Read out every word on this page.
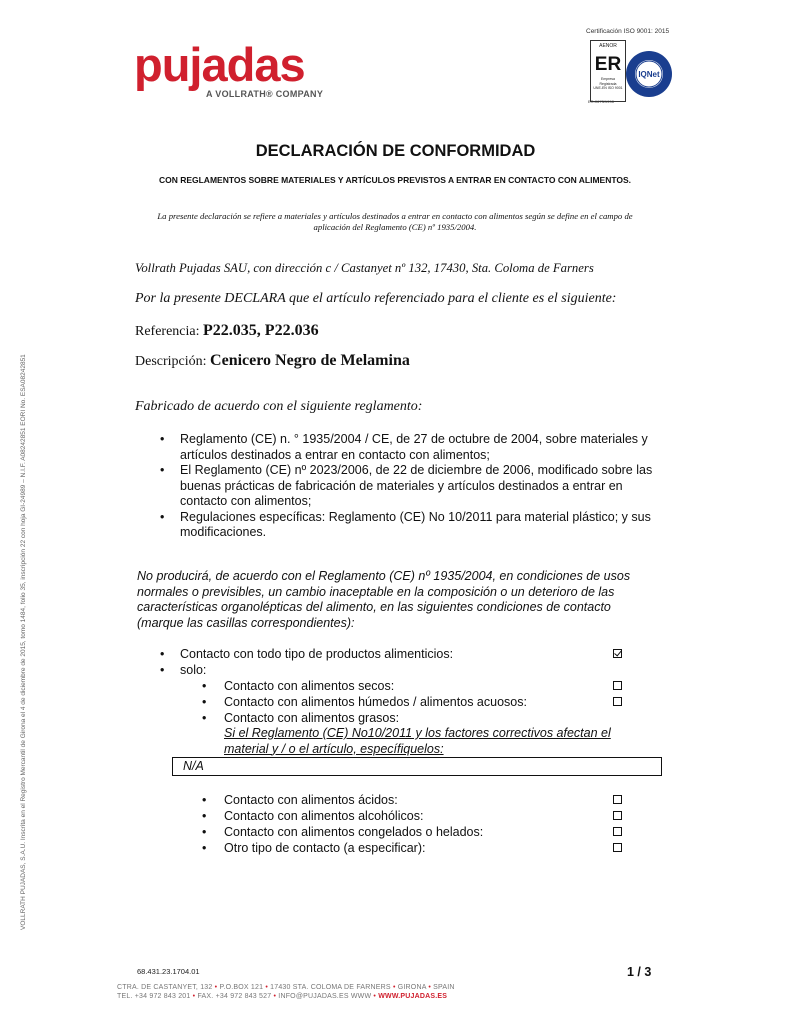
pujadas
A VOLLRATH® COMPANY
Certificación ISO 9001: 2015
AENOR
ER
Empresa
Registrada
UNE-EN ISO 9001
ER-0673/1998
IQNet
DECLARACIÓN DE CONFORMIDAD
CON REGLAMENTOS SOBRE MATERIALES Y ARTÍCULOS PREVISTOS A ENTRAR EN CONTACTO CON ALIMENTOS.
La presente declaración se refiere a materiales y artículos destinados a entrar en contacto con alimentos según se define en el campo de aplicación del Reglamento (CE) nº 1935/2004.
Vollrath Pujadas SAU, con dirección c / Castanyet nº 132, 17430, Sta. Coloma de Farners
Por la presente DECLARA que el artículo referenciado para el cliente es el siguiente:
Referencia: P22.035, P22.036
Descripción: Cenicero Negro de Melamina
Fabricado de acuerdo con el siguiente reglamento:
• Reglamento (CE) n. ° 1935/2004 / CE, de 27 de octubre de 2004, sobre materiales y artículos destinados a entrar en contacto con alimentos;
• El Reglamento (CE) nº 2023/2006, de 22 de diciembre de 2006, modificado sobre las buenas prácticas de fabricación de materiales y artículos destinados a entrar en contacto con alimentos;
• Regulaciones específicas: Reglamento (CE) No 10/2011 para material plástico; y sus modificaciones.
No producirá, de acuerdo con el Reglamento (CE) nº 1935/2004, en condiciones de usos normales o previsibles, un cambio inaceptable en la composición o un deterioro de las características organolépticas del alimento, en las siguientes condiciones de contacto (marque las casillas correspondientes):
• Contacto con todo tipo de productos alimenticios:
• solo:
• Contacto con alimentos secos:
• Contacto con alimentos húmedos / alimentos acuosos:
• Contacto con alimentos grasos:
Si el Reglamento (CE) No10/2011 y los factores correctivos afectan el material y / o el artículo, específiquelos:
N/A
• Contacto con alimentos ácidos:
• Contacto con alimentos alcohólicos:
• Contacto con alimentos congelados o helados:
• Otro tipo de contacto (a especificar):
VOLLRATH PUJADAS, S.A.U. Inscrita en el Registro Mercantil de Girona el 4 de diciembre de 2015, tomo 1484, folio 35, inscripción 22 con hoja GI-24989 – N.I.F. A08242851 EORI No. ESA08242851
68.431.23.1704.01	1 / 3
CTRA. DE CASTANYET, 132 • P.O.BOX 121 • 17430 STA. COLOMA DE FARNERS • GIRONA • SPAIN
TEL. +34 972 843 201 • FAX. +34 972 843 527 • INFO@PUJADAS.ES WWW • WWW.PUJADAS.ES
